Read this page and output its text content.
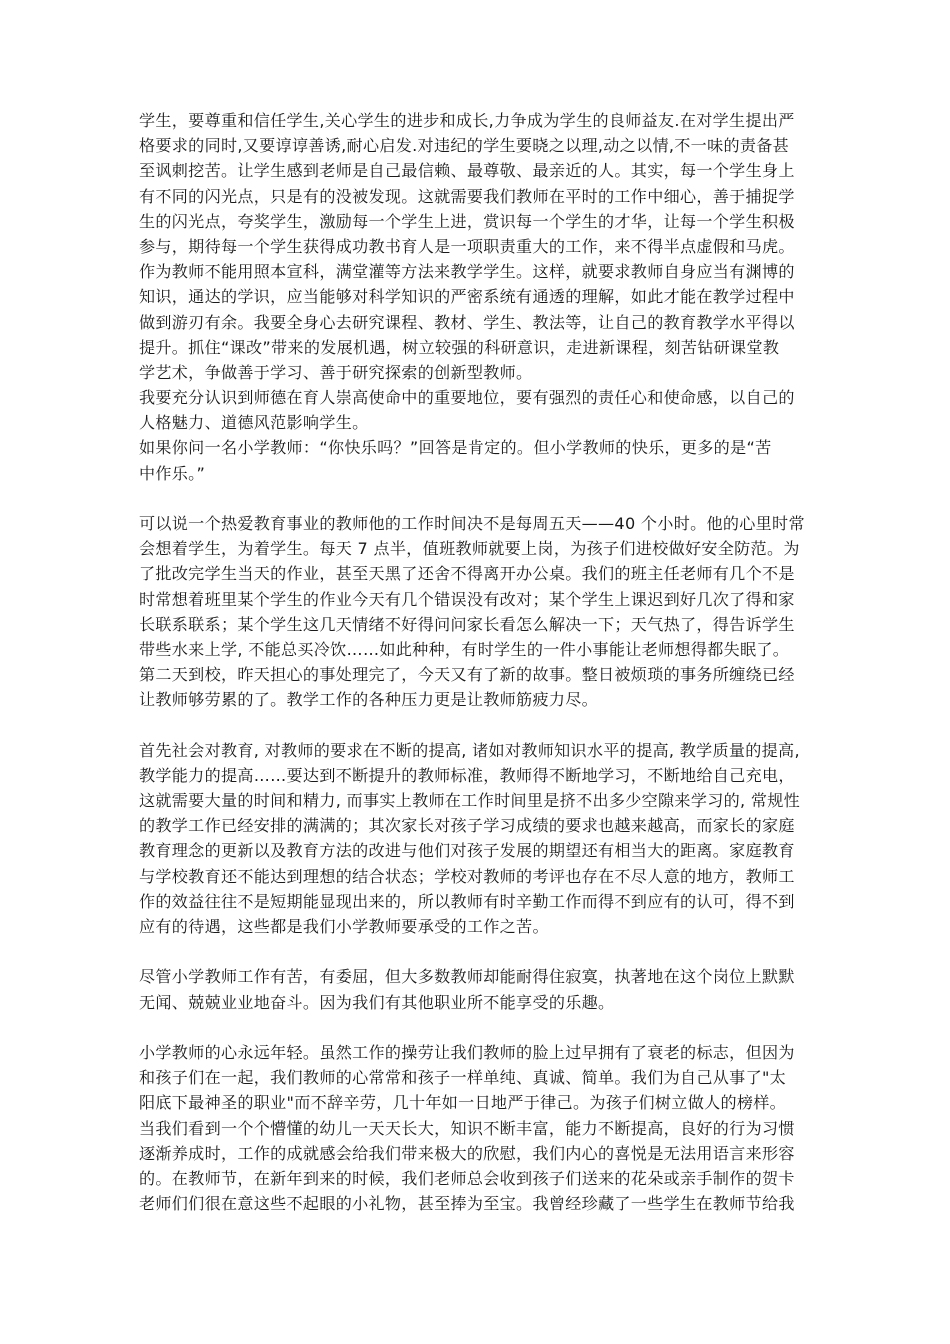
学生，要尊重和信任学生,关心学生的进步和成长,力争成为学生的良师益友.在对学生提出严
格要求的同时,又要谆谆善诱,耐心启发.对违纪的学生要晓之以理,动之以情,不一味的责备甚
至讽刺挖苦。让学生感到老师是自己最信赖、最尊敬、最亲近的人。其实，每一个学生身上
有不同的闪光点，只是有的没被发现。这就需要我们教师在平时的工作中细心，善于捕捉学
生的闪光点，夸奖学生，激励每一个学生上进，赏识每一个学生的才华，让每一个学生积极
参与，期待每一个学生获得成功教书育人是一项职责重大的工作，来不得半点虚假和马虎。
作为教师不能用照本宣科，满堂灌等方法来教学学生。这样，就要求教师自身应当有渊博的
知识，通达的学识，应当能够对科学知识的严密系统有通透的理解，如此才能在教学过程中
做到游刃有余。我要全身心去研究课程、教材、学生、教法等，让自己的教育教学水平得以
提升。抓住“课改”带来的发展机遇，树立较强的科研意识，走进新课程，刻苦钻研课堂教
学艺术，争做善于学习、善于研究探索的创新型教师。
我要充分认识到师德在育人崇高使命中的重要地位，要有强烈的责任心和使命感，以自己的
人格魅力、道德风范影响学生。
如果你问一名小学教师：“你快乐吗？”回答是肯定的。但小学教师的快乐，更多的是“苦
中作乐。”
可以说一个热爱教育事业的教师他的工作时间决不是每周五天——40 个小时。他的心里时常
会想着学生，为着学生。每天 7 点半，值班教师就要上岗，为孩子们进校做好安全防范。为
了批改完学生当天的作业，甚至天黑了还舍不得离开办公桌。我们的班主任老师有几个不是
时常想着班里某个学生的作业今天有几个错误没有改对；某个学生上课迟到好几次了得和家
长联系联系；某个学生这几天情绪不好得问问家长看怎么解决一下；天气热了，得告诉学生
带些水来上学, 不能总买冷饮……如此种种，有时学生的一件小事能让老师想得都失眠了。
第二天到校，昨天担心的事处理完了，今天又有了新的故事。整日被烦琐的事务所缠绕已经
让教师够劳累的了。教学工作的各种压力更是让教师筋疲力尽。
首先社会对教育, 对教师的要求在不断的提高, 诸如对教师知识水平的提高, 教学质量的提高,
教学能力的提高……要达到不断提升的教师标准，教师得不断地学习，不断地给自己充电，
这就需要大量的时间和精力, 而事实上教师在工作时间里是挤不出多少空隙来学习的, 常规性
的教学工作已经安排的满满的；其次家长对孩子学习成绩的要求也越来越高，而家长的家庭
教育理念的更新以及教育方法的改进与他们对孩子发展的期望还有相当大的距离。家庭教育
与学校教育还不能达到理想的结合状态；学校对教师的考评也存在不尽人意的地方，教师工
作的效益往往不是短期能显现出来的，所以教师有时辛勤工作而得不到应有的认可，得不到
应有的待遇，这些都是我们小学教师要承受的工作之苦。
尽管小学教师工作有苦，有委屈，但大多数教师却能耐得住寂寞，执著地在这个岗位上默默
无闻、兢兢业业地奋斗。因为我们有其他职业所不能享受的乐趣。
小学教师的心永远年轻。虽然工作的操劳让我们教师的脸上过早拥有了衰老的标志，但因为
和孩子们在一起，我们教师的心常常和孩子一样单纯、真诚、简单。我们为自己从事了"太
阳底下最神圣的职业"而不辞辛劳，几十年如一日地严于律己。为孩子们树立做人的榜样。
当我们看到一个个懵懂的幼儿一天天长大，知识不断丰富，能力不断提高，良好的行为习惯
逐渐养成时，工作的成就感会给我们带来极大的欣慰，我们内心的喜悦是无法用语言来形容
的。在教师节，在新年到来的时候，我们老师总会收到孩子们送来的花朵或亲手制作的贺卡
老师们们很在意这些不起眼的小礼物，甚至捧为至宝。我曾经珍藏了一些学生在教师节给我
